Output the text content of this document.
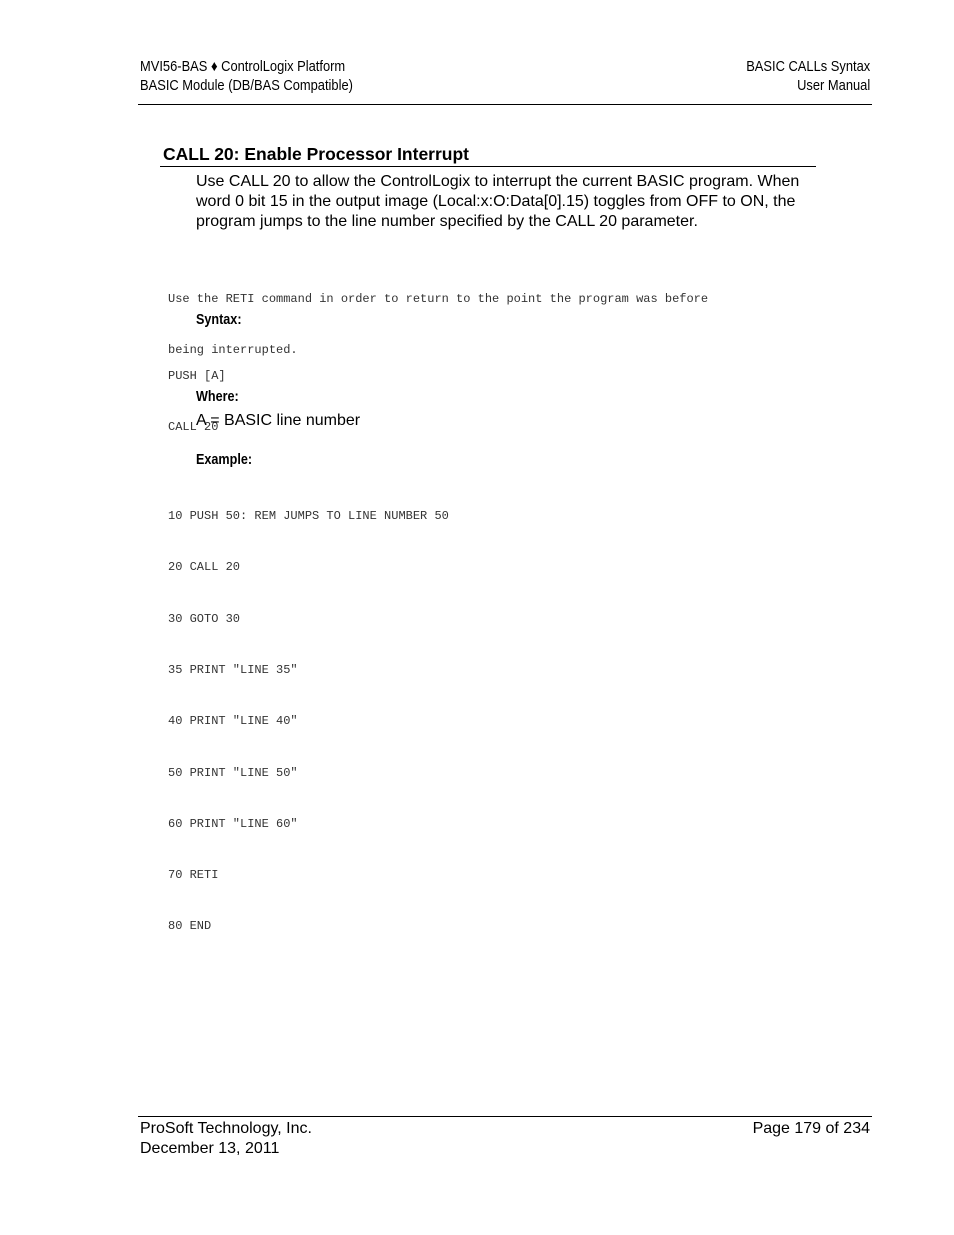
MVI56-BAS ♦ ControlLogix Platform
BASIC Module (DB/BAS Compatible)
BASIC CALLs Syntax
User Manual
CALL 20: Enable Processor Interrupt
Use CALL 20 to allow the ControlLogix to interrupt the current BASIC program. When word 0 bit 15 in the output image (Local:x:O:Data[0].15) toggles from OFF to ON, the program jumps to the line number specified by the CALL 20 parameter.

Use the RETI command in order to return to the point the program was before

being interrupted.

Syntax:

PUSH [A]

CALL 20

Where:
A = BASIC line number
Example:

10 PUSH 50: REM JUMPS TO LINE NUMBER 50

20 CALL 20

30 GOTO 30

35 PRINT "LINE 35"

40 PRINT "LINE 40"

50 PRINT "LINE 50"

60 PRINT "LINE 60"

70 RETI

80 END

ProSoft Technology, Inc.
December 13, 2011
Page 179 of 234
